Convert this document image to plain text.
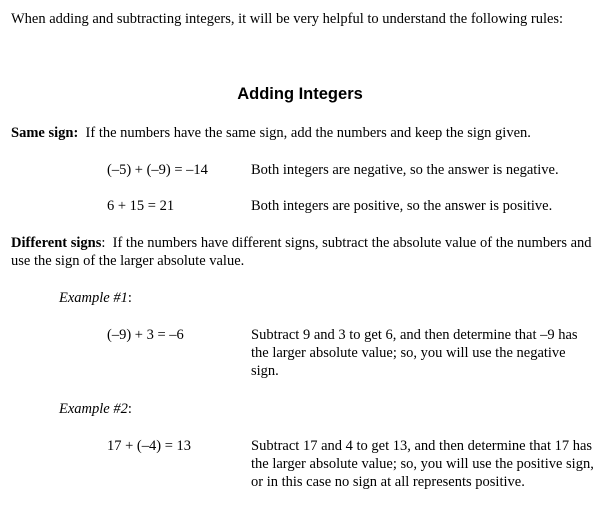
When adding and subtracting integers, it will be very helpful to understand the following rules:
Adding Integers
Same sign: If the numbers have the same sign, add the numbers and keep the sign given.
(–5) + (–9) = –14	Both integers are negative, so the answer is negative.
6 + 15 = 21	Both integers are positive, so the answer is positive.
Different signs:  If the numbers have different signs, subtract the absolute value of the numbers and use the sign of the larger absolute value.
Example #1:
(–9) + 3 = –6	Subtract 9 and 3 to get 6, and then determine that –9 has the larger absolute value; so, you will use the negative sign.
Example #2:
17 + (–4) = 13	Subtract 17 and 4 to get 13, and then determine that 17 has the larger absolute value; so, you will use the positive sign, or in this case no sign at all represents positive.
